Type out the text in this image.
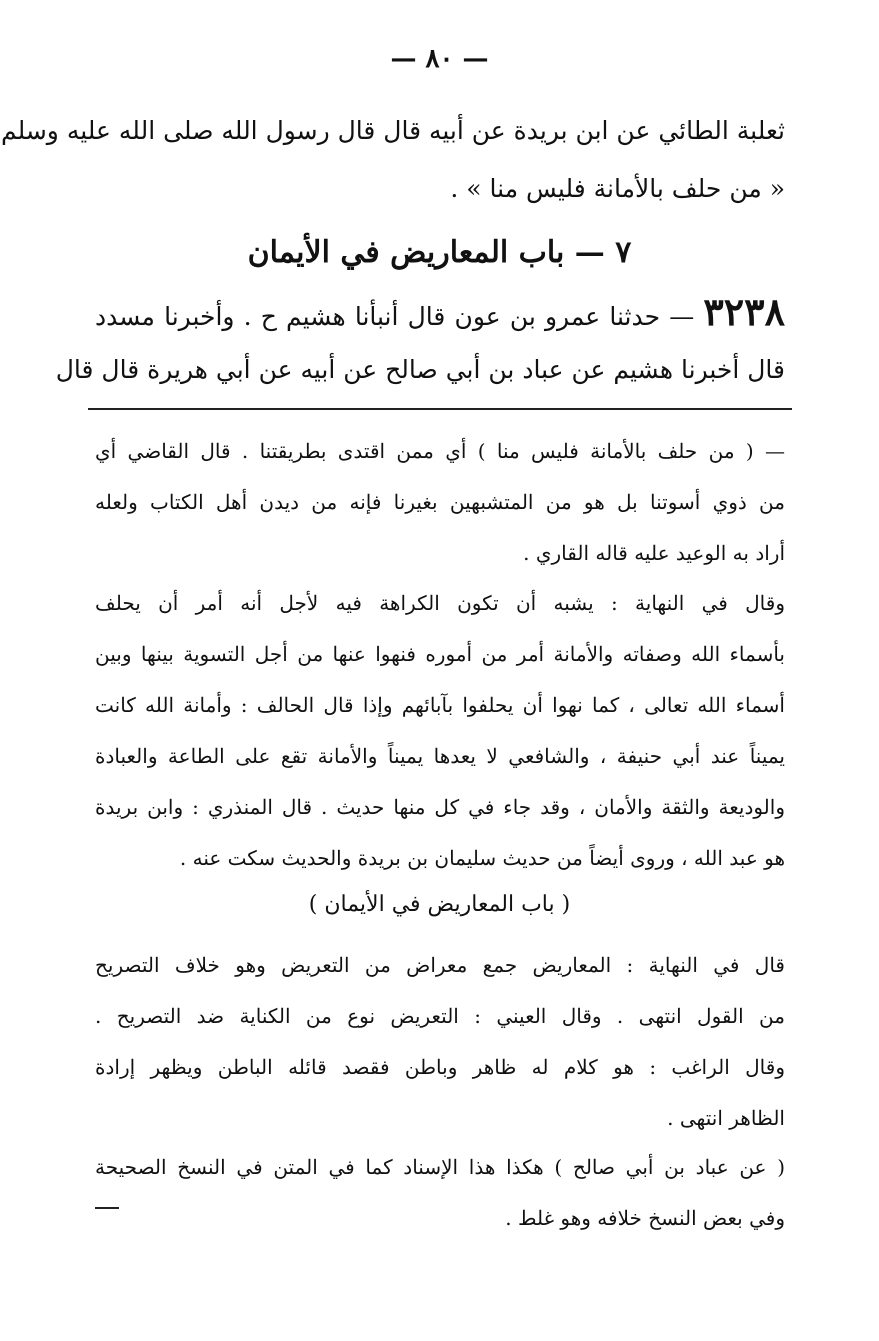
— ٨٠ —
ثعلبة الطائي عن ابن بريدة عن أبيه قال قال رسول الله صلى الله عليه وسلم
« من حلف بالأمانة فليس منا » .
٧ — باب المعاريض في الأيمان
٣٢٣٨ — حدثنا عمرو بن عون قال أنبأنا هشيم ح . وأخبرنا مسدد
قال أخبرنا هشيم عن عباد بن أبي صالح عن أبيه عن أبي هريرة قال قال
— ( من حلف بالأمانة فليس منا ) أي ممن اقتدى بطريقتنا . قال القاضي أي
من ذوي أسوتنا بل هو من المتشبهين بغيرنا فإنه من ديدن أهل الكتاب ولعله
أراد به الوعيد عليه قاله القاري .
وقال في النهاية : يشبه أن تكون الكراهة فيه لأجل أنه أمر أن يحلف
بأسماء الله وصفاته والأمانة أمر من أموره فنهوا عنها من أجل التسوية بينها وبين
أسماء الله تعالى ، كما نهوا أن يحلفوا بآبائهم وإذا قال الحالف : وأمانة الله كانت
يميناً عند أبي حنيفة ، والشافعي لا يعدها يميناً والأمانة تقع على الطاعة والعبادة
والوديعة والثقة والأمان ، وقد جاء في كل منها حديث . قال المنذري : وابن بريدة
هو عبد الله ، وروى أيضاً من حديث سليمان بن بريدة والحديث سكت عنه .
( باب المعاريض في الأيمان )
قال في النهاية : المعاريض جمع معراض من التعريض وهو خلاف التصريح
من القول انتهى . وقال العيني : التعريض نوع من الكناية ضد التصريح .
وقال الراغب : هو كلام له ظاهر وباطن فقصد قائله الباطن ويظهر إرادة
الظاهر انتهى .
( عن عباد بن أبي صالح ) هكذا هذا الإسناد كما في المتن في النسخ الصحيحة
وفي بعض النسخ خلافه وهو غلط .
